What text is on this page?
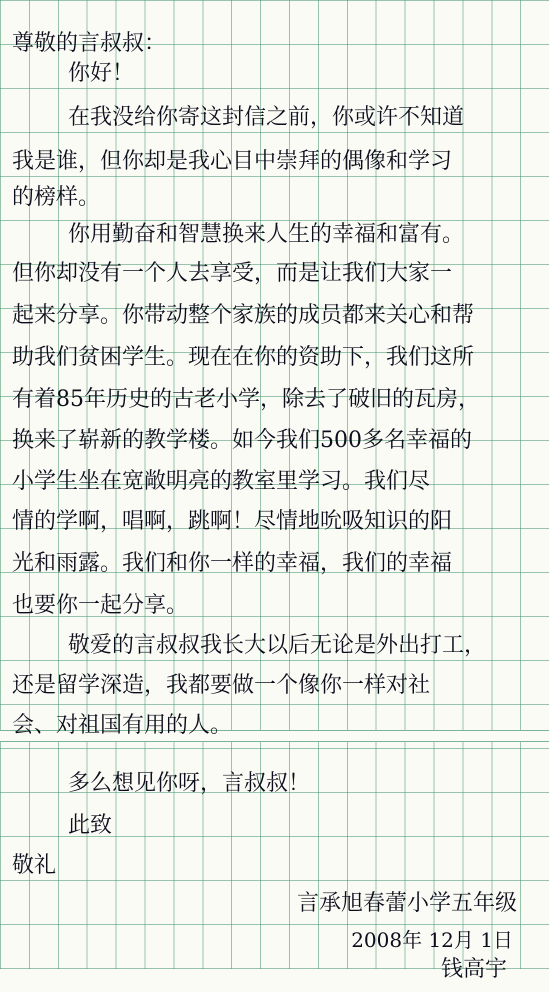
尊敬的言叔叔：
你好！
在我没给你寄这封信之前，你或许不知道
我是谁，但你却是我心目中崇拜的偶像和学习
的榜样。
你用勤奋和智慧换来人生的幸福和富有。
但你却没有一个人去享受，而是让我们大家一
起来分享。你带动整个家族的成员都来关心和帮
助我们贫困学生。现在在你的资助下，我们这所
有着85年历史的古老小学，除去了破旧的瓦房，
换来了崭新的教学楼。如今我们500多名幸福的
小学生坐在宽敞明亮的教室里学习。我们尽
情的学啊，唱啊，跳啊！尽情地吮吸知识的阳
光和雨露。我们和你一样的幸福，我们的幸福
也要你一起分享。
敬爱的言叔叔我长大以后无论是外出打工，
还是留学深造，我都要做一个像你一样对社
会、对祖国有用的人。
多么想见你呀，言叔叔！
此致
敬礼
言承旭春蕾小学五年级
2008年 12月 1日
钱高宇
